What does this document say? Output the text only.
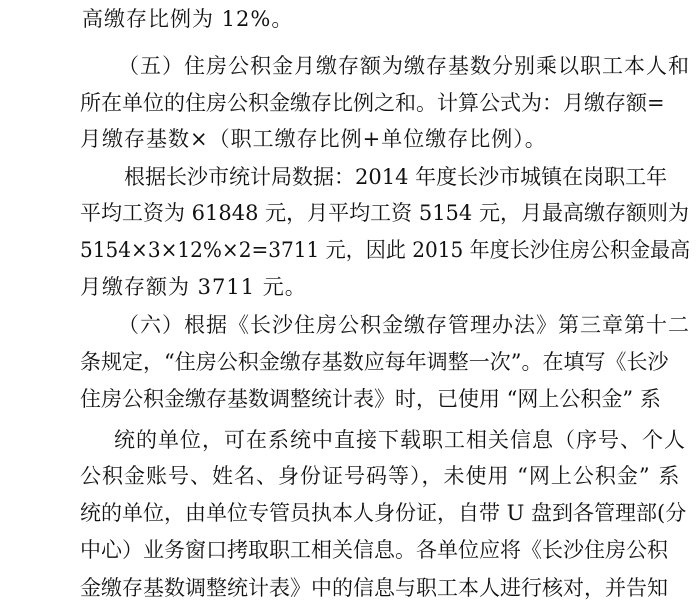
高缴存比例为 12%。
（五）住房公积金月缴存额为缴存基数分别乘以职工本人和
所在单位的住房公积金缴存比例之和。计算公式为：月缴存额=
月缴存基数×（职工缴存比例+单位缴存比例）。
根据长沙市统计局数据：2014 年度长沙市城镇在岗职工年
平均工资为 61848 元，月平均工资 5154 元，月最高缴存额则为
5154×3×12%×2=3711 元，因此 2015 年度长沙住房公积金最高
月缴存额为 3711 元。
（六）根据《长沙住房公积金缴存管理办法》第三章第十二
条规定，“住房公积金缴存基数应每年调整一次”。在填写《长沙
住房公积金缴存基数调整统计表》时，已使用 “网上公积金” 系
统的单位，可在系统中直接下载职工相关信息（序号、个人
公积金账号、姓名、身份证号码等），未使用 “网上公积金” 系
统的单位，由单位专管员执本人身份证，自带 U 盘到各管理部(分
中心）业务窗口拷取职工相关信息。各单位应将《长沙住房公积
金缴存基数调整统计表》中的信息与职工本人进行核对，并告知
